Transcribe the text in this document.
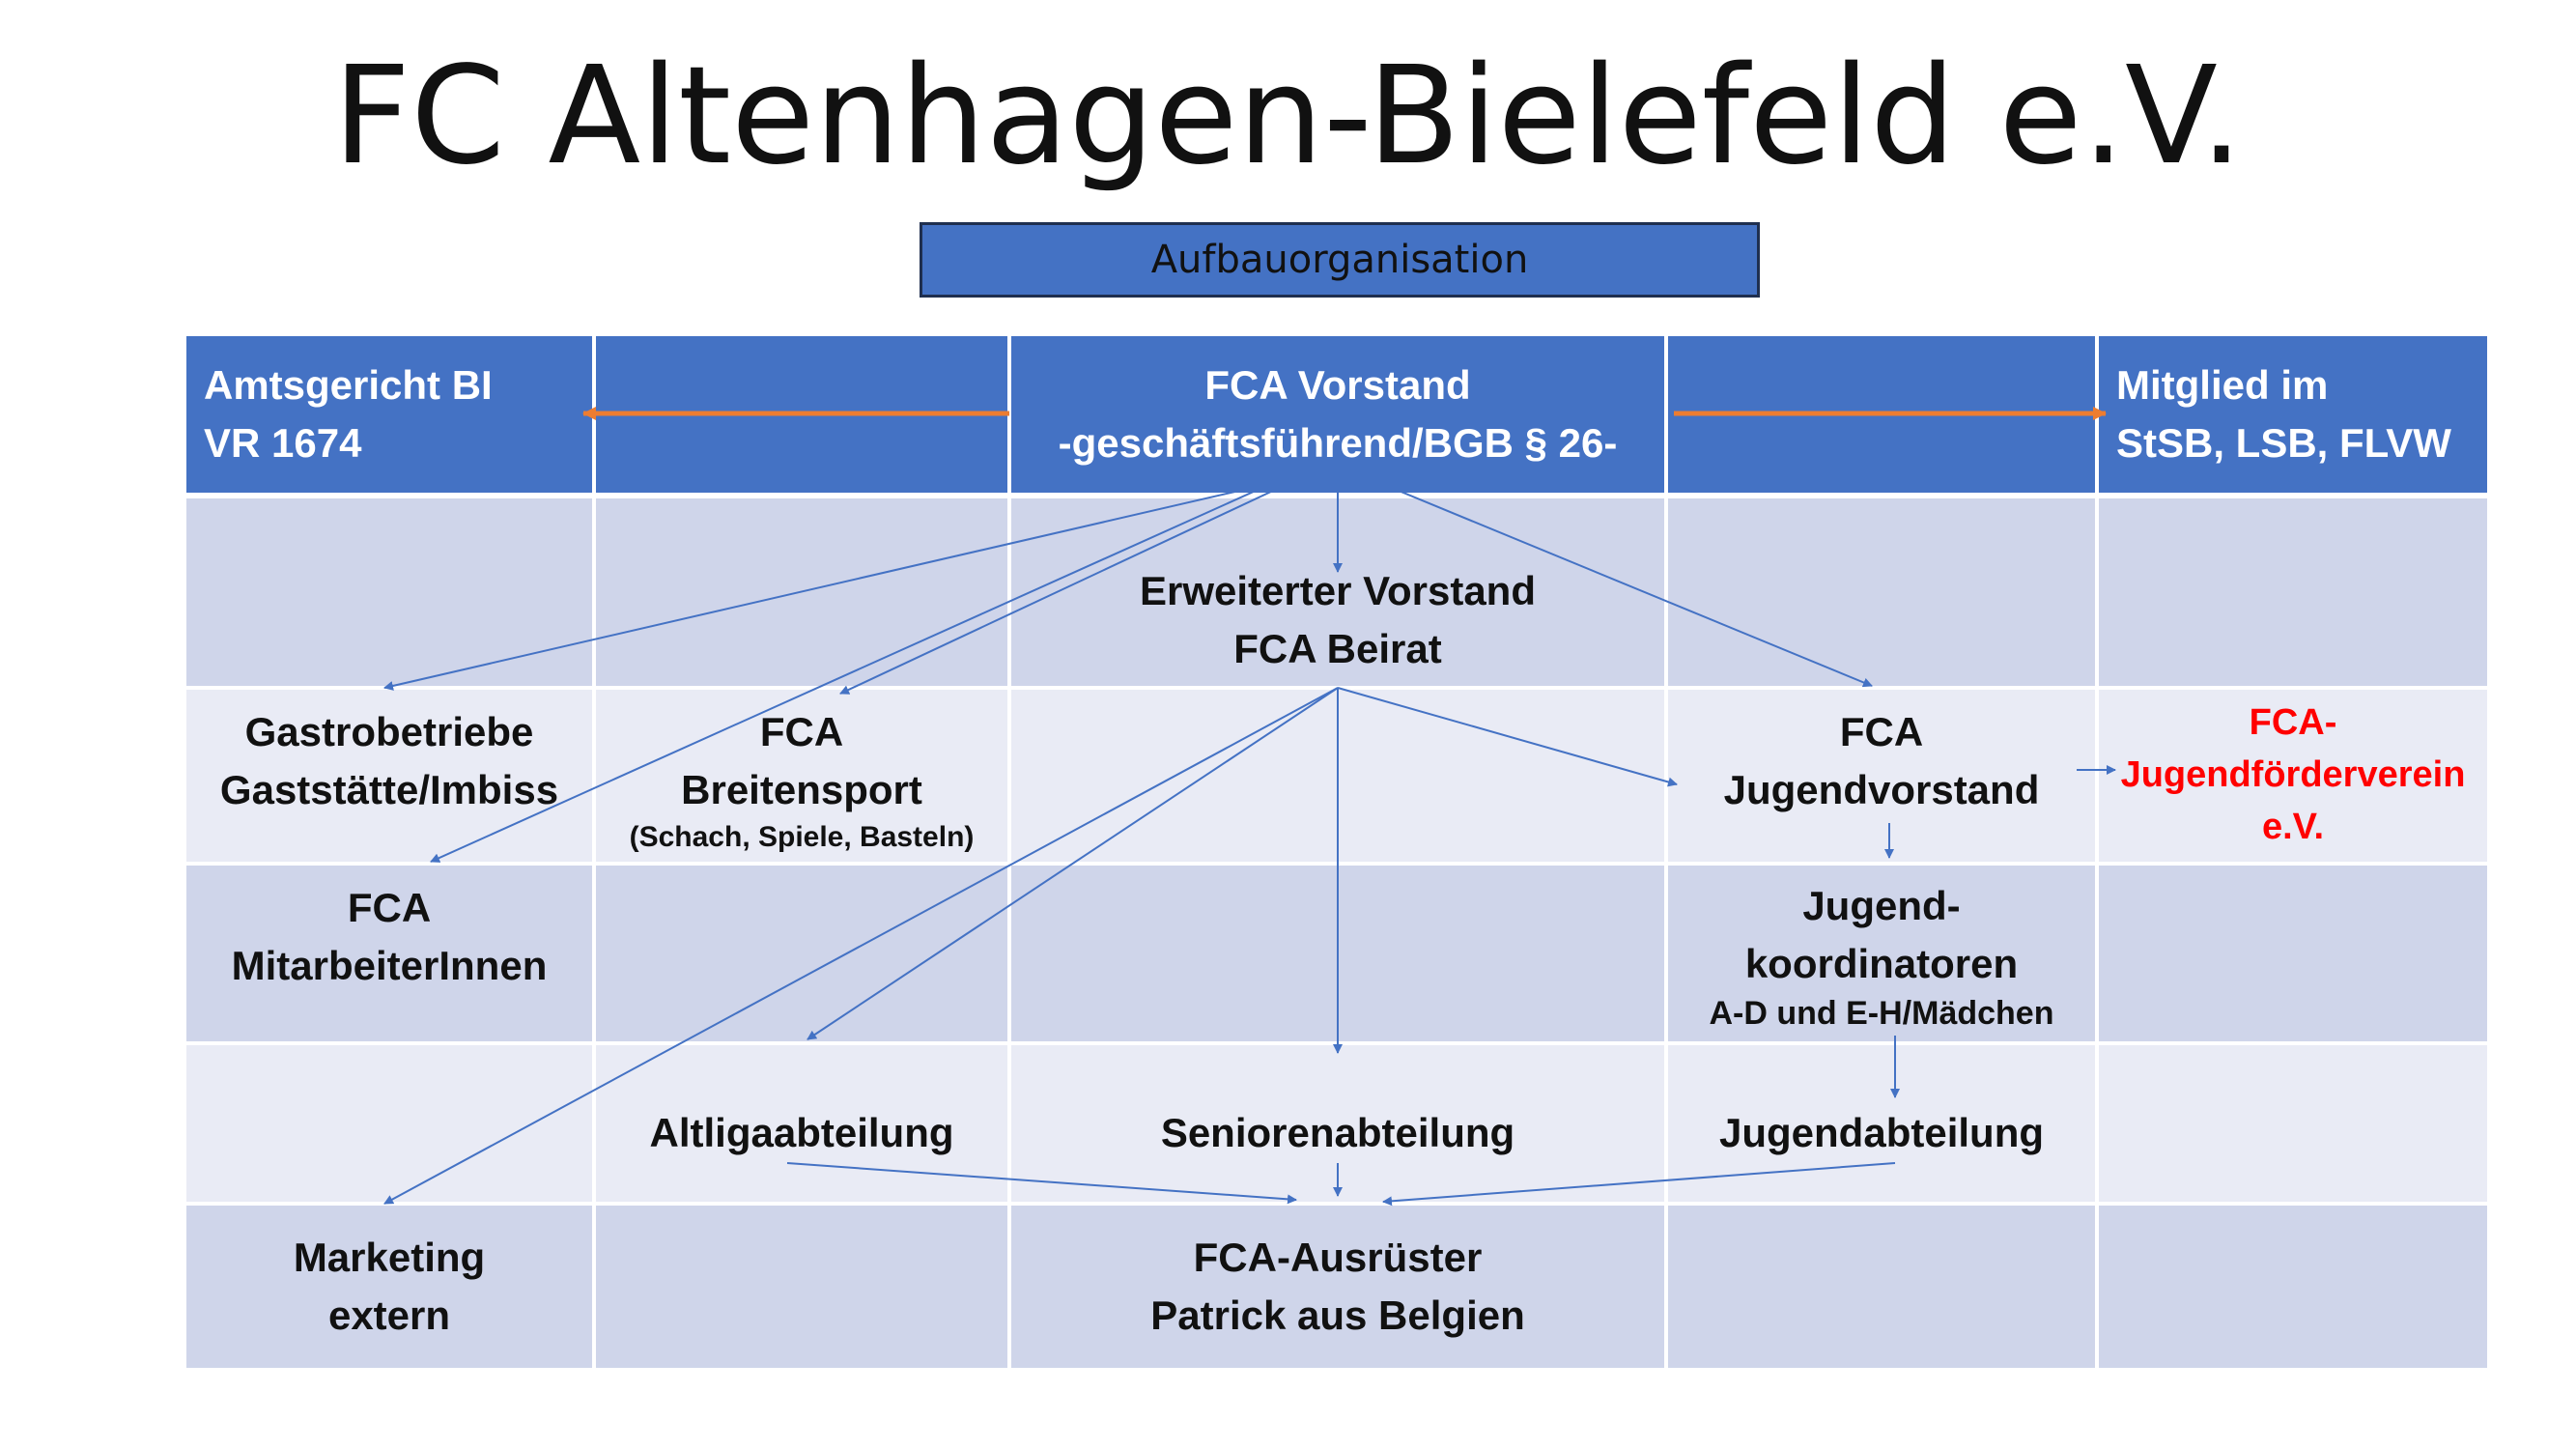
FC Altenhagen-Bielefeld e.V.
Aufbauorganisation
Amtsgericht BI
VR 1674
FCA Vorstand
-geschäftsführend/BGB § 26-
Mitglied im
StSB, LSB, FLVW
Erweiterter Vorstand
FCA Beirat
Gastrobetriebe
Gaststätte/Imbiss
FCA
Breitensport
(Schach, Spiele, Basteln)
FCA
Jugendvorstand
FCA-
Jugendförderverein
e.V.
FCA
MitarbeiterInnen
Jugend-
koordinatoren
A-D und E-H/Mädchen
Altligaabteilung	Seniorenabteilung	Jugendabteilung
Marketing
extern
FCA-Ausrüster
Patrick aus Belgien
